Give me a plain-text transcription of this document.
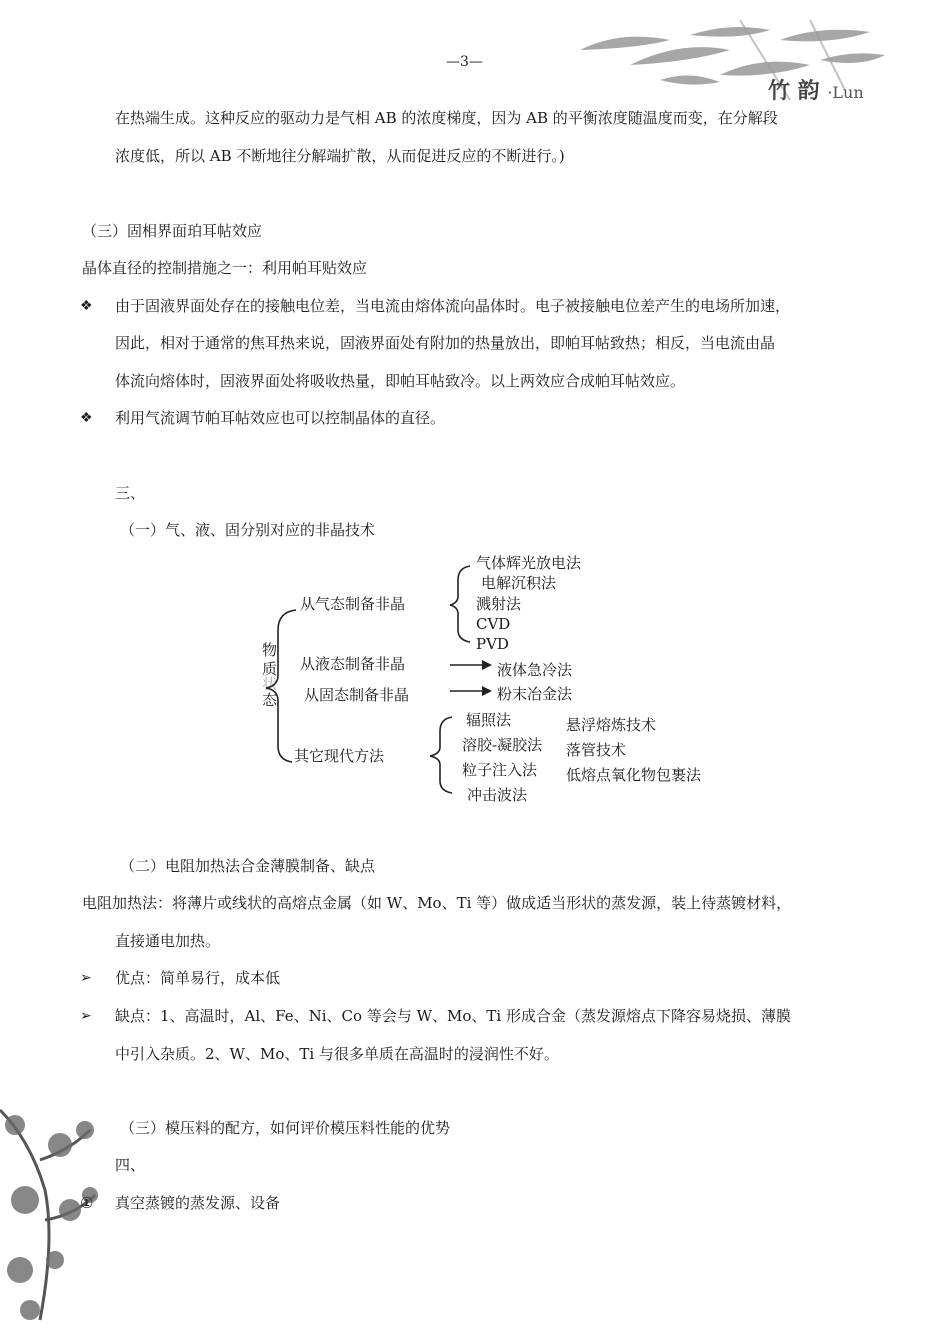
竹 韵 ·Lun
—3—
在热端生成。这种反应的驱动力是气相 AB 的浓度梯度，因为 AB 的平衡浓度随温度而变，在分解段
浓度低，所以 AB 不断地往分解端扩散，从而促进反应的不断进行。)
（三）固相界面珀耳帖效应
晶体直径的控制措施之一：利用帕耳贴效应
❖ 由于固液界面处存在的接触电位差，当电流由熔体流向晶体时。电子被接触电位差产生的电场所加速，
因此，相对于通常的焦耳热来说，固液界面处有附加的热量放出，即帕耳帖致热；相反，当电流由晶
体流向熔体时，固液界面处将吸收热量，即帕耳帖致冷。以上两效应合成帕耳帖效应。
❖ 利用气流调节帕耳帖效应也可以控制晶体的直径。
三、
（一）气、液、固分别对应的非晶技术
物
质
状
态
从气态制备非晶
从液态制备非晶
从固态制备非晶
其它现代方法
气体辉光放电法
电解沉积法
溅射法
CVD
PVD
液体急冷法
粉末冶金法
辐照法
溶胶-凝胶法
粒子注入法
冲击波法
悬浮熔炼技术
落管技术
低熔点氧化物包裹法
（二）电阻加热法合金薄膜制备、缺点
电阻加热法：将薄片或线状的高熔点金属（如 W、Mo、Ti 等）做成适当形状的蒸发源，装上待蒸镀材料，
直接通电加热。
➢ 优点：简单易行，成本低
➢ 缺点：1、高温时，Al、Fe、Ni、Co 等会与 W、Mo、Ti 形成合金（蒸发源熔点下降容易烧损、薄膜
中引入杂质。2、W、Mo、Ti 与很多单质在高温时的浸润性不好。
（三）模压料的配方，如何评价模压料性能的优势
四、
① 真空蒸镀的蒸发源、设备
